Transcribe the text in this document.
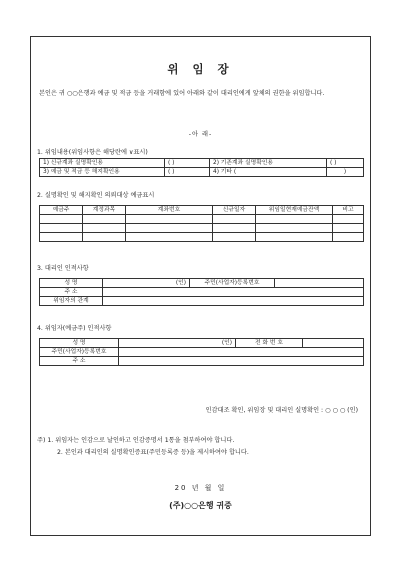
위 임 장
본인은 귀 ○○은행과 예금 및 적금 등을 거래함에 있어 아래와 같이 대리인에게 앞체의 권한을 위임합니다.
-아 래-
1. 위임내용(위임사항은 해당란에 ∨표시)
1) 신규계좌 실명확인용	( )	2) 기존계좌 실명확인용	( )
3) 예금 및 적금 등 해지확인용	( )	4) 기타 (	)
2. 실명확인 및 해지확인 의뢰대상 예금표시
예금주	계정과목	계좌번호	신규일자	위임일현재예금잔액	비고

3. 대리인 인적사항
성 명	(인)	주민(사업자)등록번호	
주 소			
위임자의 관계			
4. 위임자(예금주) 인적사항
성 명	(인)	전 화 번 호	
주민(사업자)등록번호			
주 소			
인감대조 확인, 위임장 및 대리인 실명확인 : ○ ○ ○ (인)
주) 1. 위임자는 인감으로 날인하고 인감증명서 1통을 첨부하여야 합니다.
2. 본인과 대리인의 실명확인증표(주민등록증 등)을 제시하여야 합니다.
20 년 월 일
(주)○○은행 귀중
